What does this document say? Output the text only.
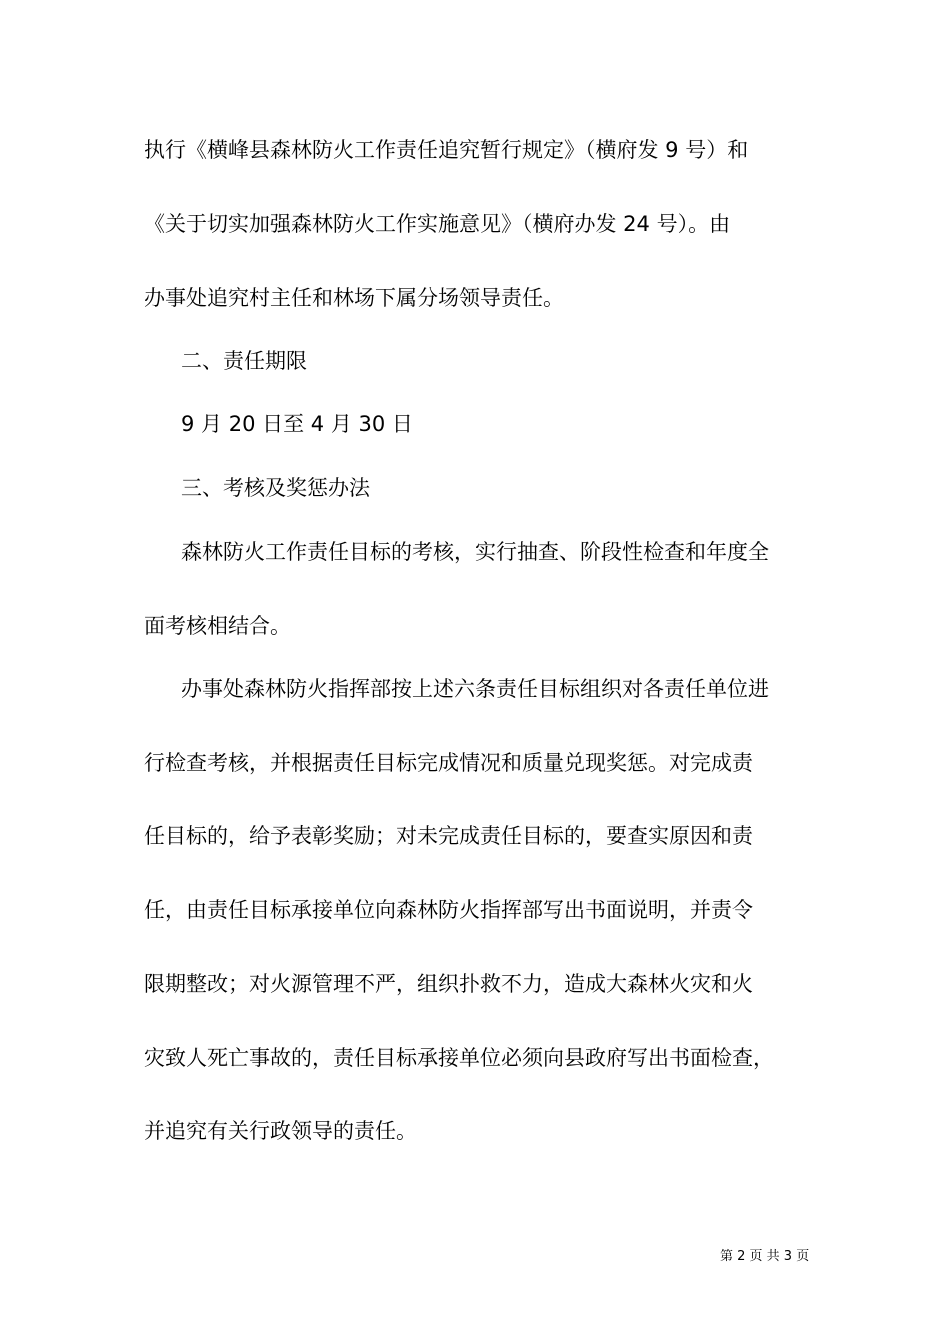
执行《横峰县森林防火工作责任追究暂行规定》（横府发 9 号）和

《关于切实加强森林防火工作实施意见》（横府办发 24 号）。由

办事处追究村主任和林场下属分场领导责任。

二、责任期限

9 月 20 日至 4 月 30 日

三、考核及奖惩办法

森林防火工作责任目标的考核，实行抽查、阶段性检查和年度全

面考核相结合。

办事处森林防火指挥部按上述六条责任目标组织对各责任单位进

行检查考核，并根据责任目标完成情况和质量兑现奖惩。对完成责

任目标的，给予表彰奖励；对未完成责任目标的，要查实原因和责

任，由责任目标承接单位向森林防火指挥部写出书面说明，并责令

限期整改；对火源管理不严，组织扑救不力，造成大森林火灾和火

灾致人死亡事故的，责任目标承接单位必须向县政府写出书面检查，

并追究有关行政领导的责任。

第 2 页 共 3 页
